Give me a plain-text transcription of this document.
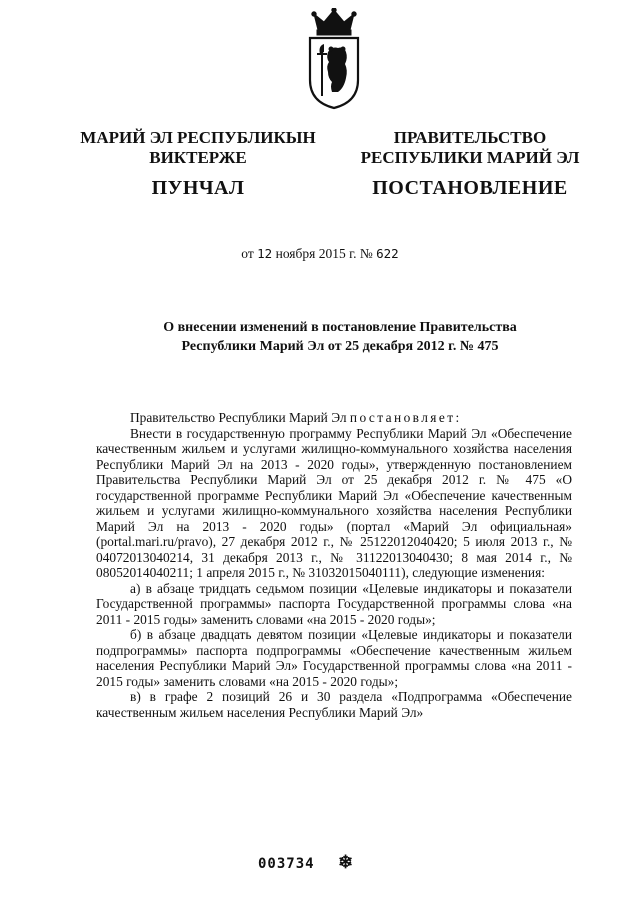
МАРИЙ ЭЛ РЕСПУБЛИКЫН
ВИКТЕРЖЕ
ПУНЧАЛ
ПРАВИТЕЛЬСТВО
РЕСПУБЛИКИ МАРИЙ ЭЛ
ПОСТАНОВЛЕНИЕ
от 12 ноября 2015 г. № 622
О внесении изменений в постановление Правительства
Республики Марий Эл от 25 декабря 2012 г. № 475

Правительство Республики Марий Эл постановляет:

Внести в государственную программу Республики Марий Эл «Обеспечение качественным жильем и услугами жилищно-коммунального хозяйства населения Республики Марий Эл на 2013 - 2020 годы», утвержденную постановлением Правительства Республики Марий Эл от 25 декабря 2012 г. № 475 «О государственной программе Республики Марий Эл «Обеспечение качественным жильем и услугами жилищно-коммунального хозяйства населения Республики Марий Эл на 2013 - 2020 годы» (портал «Марий Эл официальная» (portal.mari.ru/pravo), 27 декабря 2012 г., № 25122012040420; 5 июля 2013 г., № 04072013040214, 31 декабря 2013 г., № 31122013040430; 8 мая 2014 г., № 08052014040211; 1 апреля 2015 г., № 31032015040111), следующие изменения:

а) в абзаце тридцать седьмом позиции «Целевые индикаторы и показатели Государственной программы» паспорта Государственной программы слова «на 2011 - 2015 годы» заменить словами «на 2015 - 2020 годы»;

б) в абзаце двадцать девятом позиции «Целевые индикаторы и показатели подпрограммы» паспорта подпрограммы «Обеспечение качественным жильем населения Республики Марий Эл» Государственной программы слова «на 2011 - 2015 годы» заменить словами «на 2015 - 2020 годы»;

в) в графе 2 позиций 26 и 30 раздела «Подпрограмма «Обеспечение качественным жильем населения Республики Марий Эл»

003734 ❄
